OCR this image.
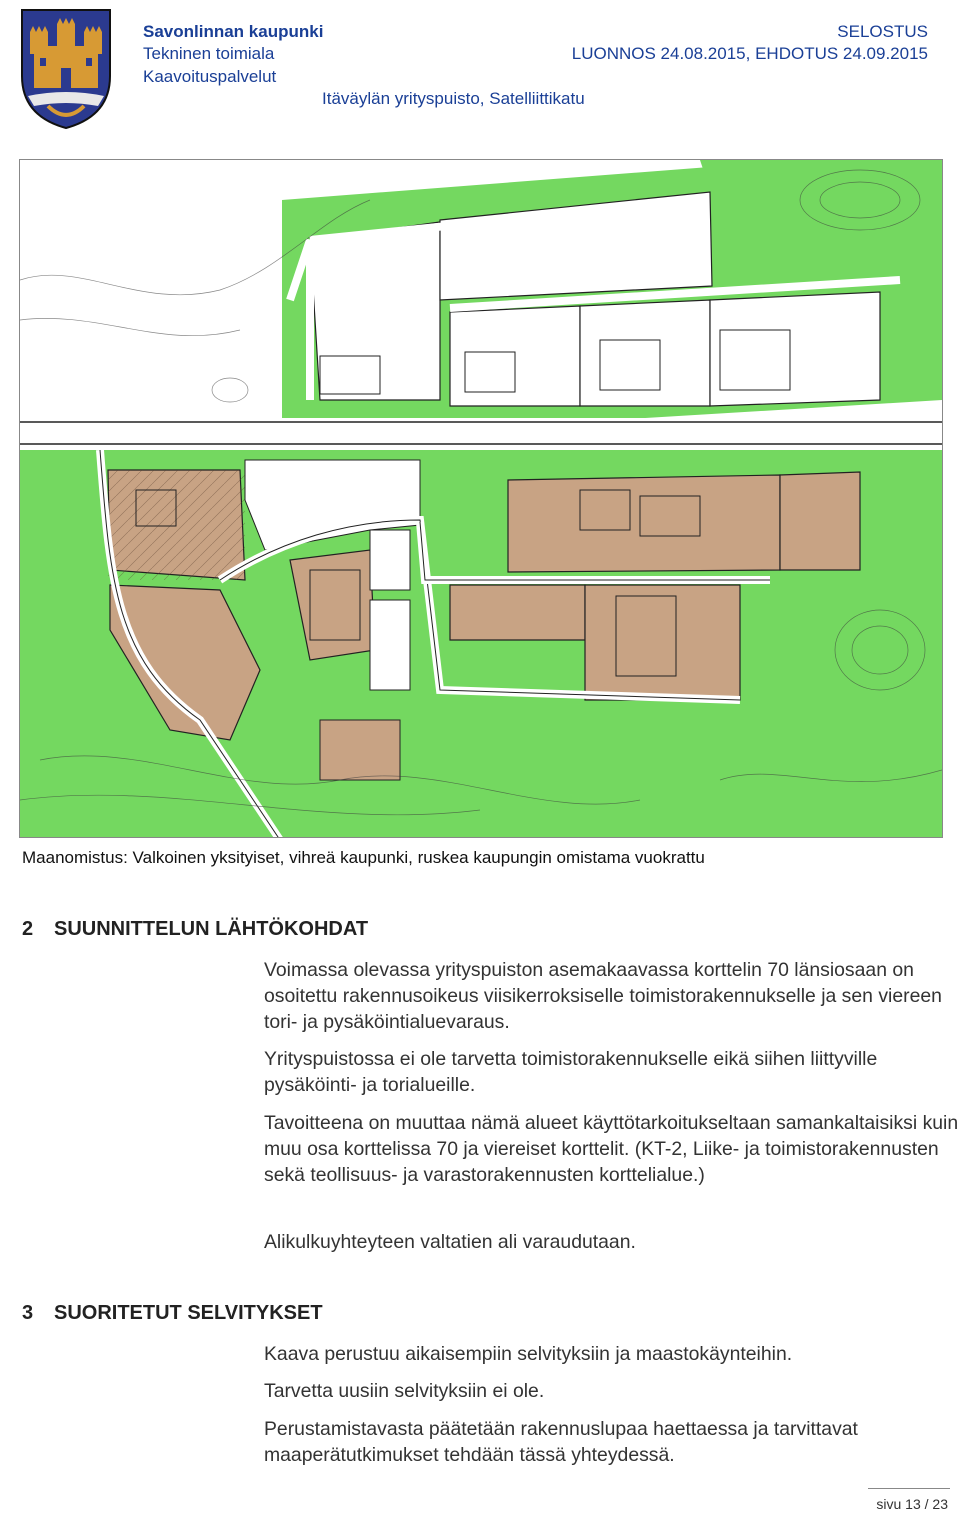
Savonlinnan kaupunki
Tekninen toimiala
Kaavoituspalvelut
SELOSTUS
LUONNOS 24.08.2015, EHDOTUS 24.09.2015
Itäväylän yrityspuisto, Satelliittikatu
Maanomistus: Valkoinen yksityiset, vihreä kaupunki, ruskea kaupungin omistama vuokrattu
2 SUUNNITTELUN LÄHTÖKOHDAT
Voimassa olevassa yrityspuiston asemakaavassa korttelin 70 länsiosaan on osoitettu rakennusoikeus viisikerroksiselle toimistorakennukselle ja sen viereen tori- ja pysäköintialuevaraus.
Yrityspuistossa ei ole tarvetta toimistorakennukselle eikä siihen liittyville pysäköinti- ja torialueille.
Tavoitteena on muuttaa nämä alueet käyttötarkoitukseltaan samankaltaisiksi kuin muu osa korttelissa 70 ja viereiset korttelit. (KT-2, Liike- ja toimistorakennusten sekä teollisuus- ja varastorakennusten korttelialue.)
Alikulkuyhteyteen valtatien ali varaudutaan.
3 SUORITETUT SELVITYKSET
Kaava perustuu aikaisempiin selvityksiin ja maastokäynteihin.
Tarvetta uusiin selvityksiin ei ole.
Perustamistavasta päätetään rakennuslupaa haettaessa ja tarvittavat maaperätutkimukset tehdään tässä yhteydessä.
sivu 13 / 23
